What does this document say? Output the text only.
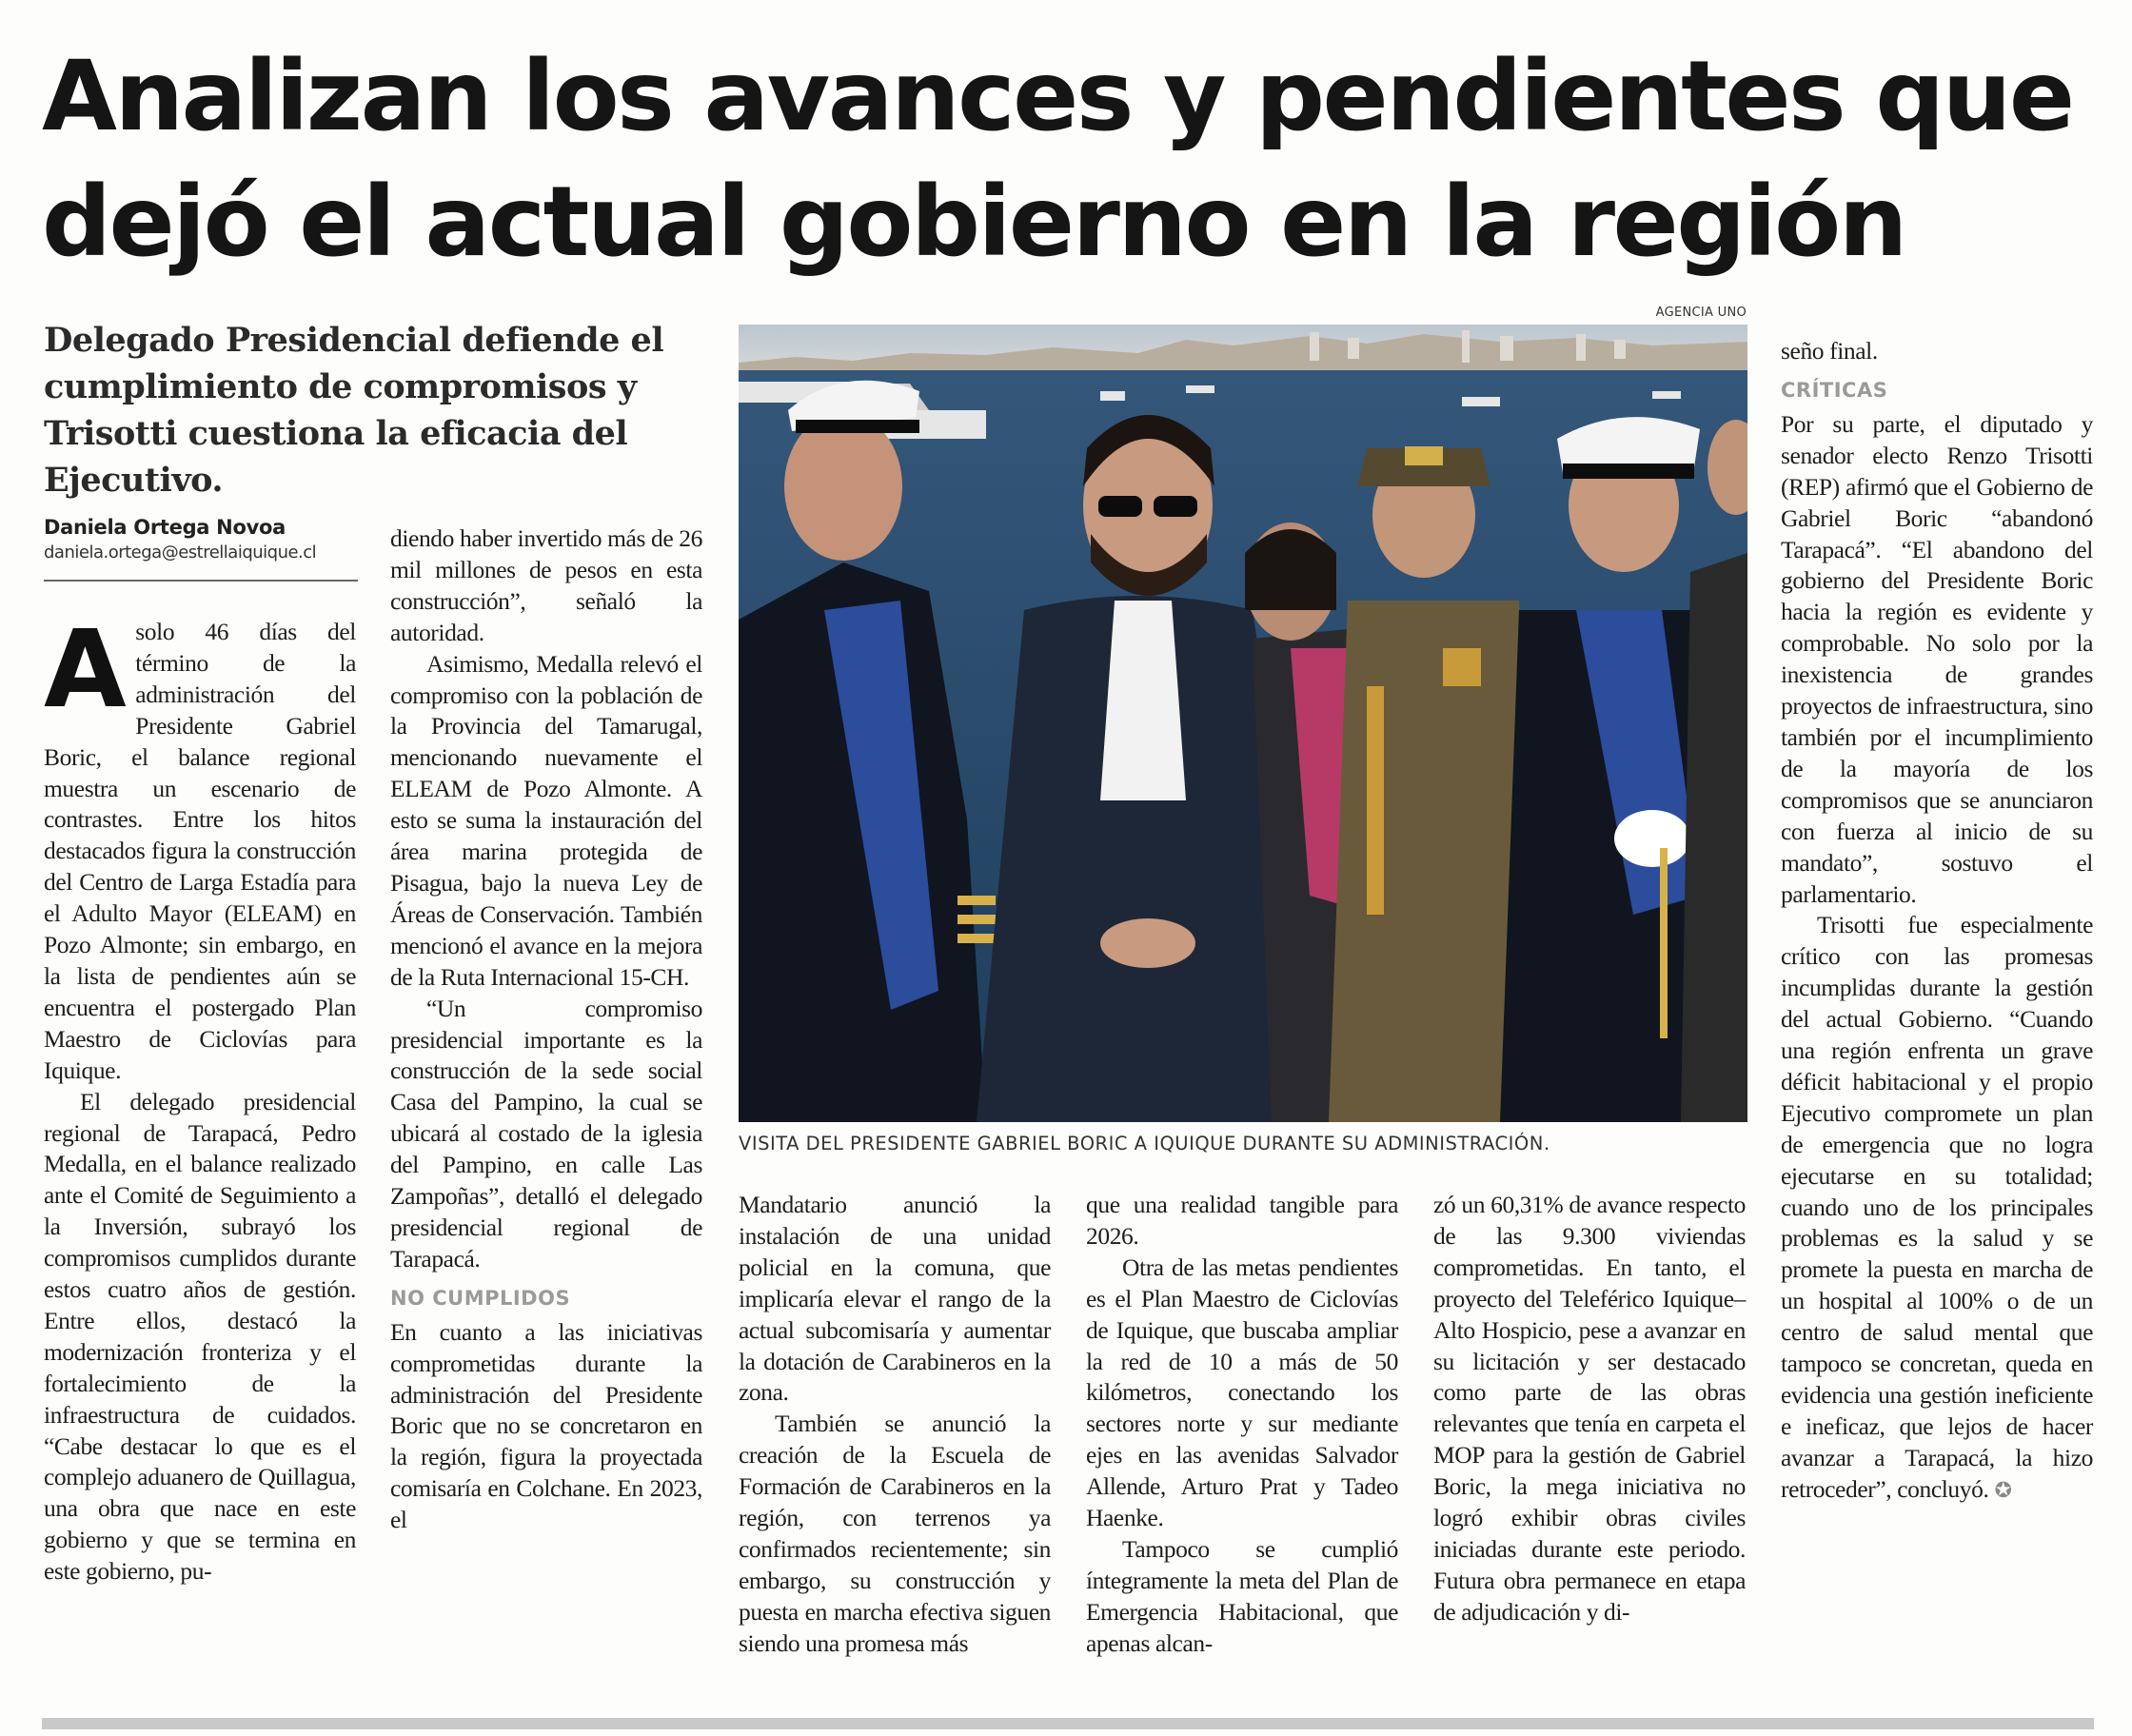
Analizan los avances y pendientes que
dejó el actual gobierno en la región

Delegado Presidencial defiende el cumplimiento de compromisos y Trisotti cuestiona la eficacia del Ejecutivo.

Daniela Ortega Novoa
daniela.ortega@estrellaiquique.cl

Asolo 46 días del término de la administración del Presidente Gabriel Boric, el balance regional muestra un escenario de contrastes. Entre los hitos destacados figura la construcción del Centro de Larga Estadía para el Adulto Mayor (ELEAM) en Pozo Almonte; sin embargo, en la lista de pendientes aún se encuentra el postergado Plan Maestro de Ciclovías para Iquique.

El delegado presidencial regional de Tarapacá, Pedro Medalla, en el balance realizado ante el Comité de Seguimiento a la Inversión, subrayó los compromisos cumplidos durante estos cuatro años de gestión. Entre ellos, destacó la modernización fronteriza y el fortalecimiento de la infraestructura de cuidados. “Cabe destacar lo que es el complejo aduanero de Quillagua, una obra que nace en este gobierno y que se termina en este gobierno, pu-

diendo haber invertido más de 26 mil millones de pesos en esta construcción”, señaló la autoridad.

Asimismo, Medalla relevó el compromiso con la población de la Provincia del Tamarugal, mencionando nuevamente el ELEAM de Pozo Almonte. A esto se suma la instauración del área marina protegida de Pisagua, bajo la nueva Ley de Áreas de Conservación. También mencionó el avance en la mejora de la Ruta Internacional 15-CH.

“Un compromiso presidencial importante es la construcción de la sede social Casa del Pampino, la cual se ubicará al costado de la iglesia del Pampino, en calle Las Zampoñas”, detalló el delegado presidencial regional de Tarapacá.

NO CUMPLIDOS

En cuanto a las iniciativas comprometidas durante la administración del Presidente Boric que no se concretaron en la región, figura la proyectada comisaría en Colchane. En 2023, el

AGENCIA UNO
VISITA DEL PRESIDENTE GABRIEL BORIC A IQUIQUE DURANTE SU ADMINISTRACIÓN.

Mandatario anunció la instalación de una unidad policial en la comuna, que implicaría elevar el rango de la actual subcomisaría y aumentar la dotación de Carabineros en la zona.

También se anunció la creación de la Escuela de Formación de Carabineros en la región, con terrenos ya confirmados recientemente; sin embargo, su construcción y puesta en marcha efectiva siguen siendo una promesa más

que una realidad tangible para 2026.

Otra de las metas pendientes es el Plan Maestro de Ciclovías de Iquique, que buscaba ampliar la red de 10 a más de 50 kilómetros, conectando los sectores norte y sur mediante ejes en las avenidas Salvador Allende, Arturo Prat y Tadeo Haenke.

Tampoco se cumplió íntegramente la meta del Plan de Emergencia Habitacional, que apenas alcan-

zó un 60,31% de avance respecto de las 9.300 viviendas comprometidas. En tanto, el proyecto del Teleférico Iquique–Alto Hospicio, pese a avanzar en su licitación y ser destacado como parte de las obras relevantes que tenía en carpeta el MOP para la gestión de Gabriel Boric, la mega iniciativa no logró exhibir obras civiles iniciadas durante este periodo. Futura obra permanece en etapa de adjudicación y di-

seño final.

CRÍTICAS

Por su parte, el diputado y senador electo Renzo Trisotti (REP) afirmó que el Gobierno de Gabriel Boric “abandonó Tarapacá”. “El abandono del gobierno del Presidente Boric hacia la región es evidente y comprobable. No solo por la inexistencia de grandes proyectos de infraestructura, sino también por el incumplimiento de la mayoría de los compromisos que se anunciaron con fuerza al inicio de su mandato”, sostuvo el parlamentario.

Trisotti fue especialmente crítico con las promesas incumplidas durante la gestión del actual Gobierno. “Cuando una región enfrenta un grave déficit habitacional y el propio Ejecutivo compromete un plan de emergencia que no logra ejecutarse en su totalidad; cuando uno de los principales problemas es la salud y se promete la puesta en marcha de un hospital al 100% o de un centro de salud mental que tampoco se concretan, queda en evidencia una gestión ineficiente e ineficaz, que lejos de hacer avanzar a Tarapacá, la hizo retroceder”, concluyó. ✪
